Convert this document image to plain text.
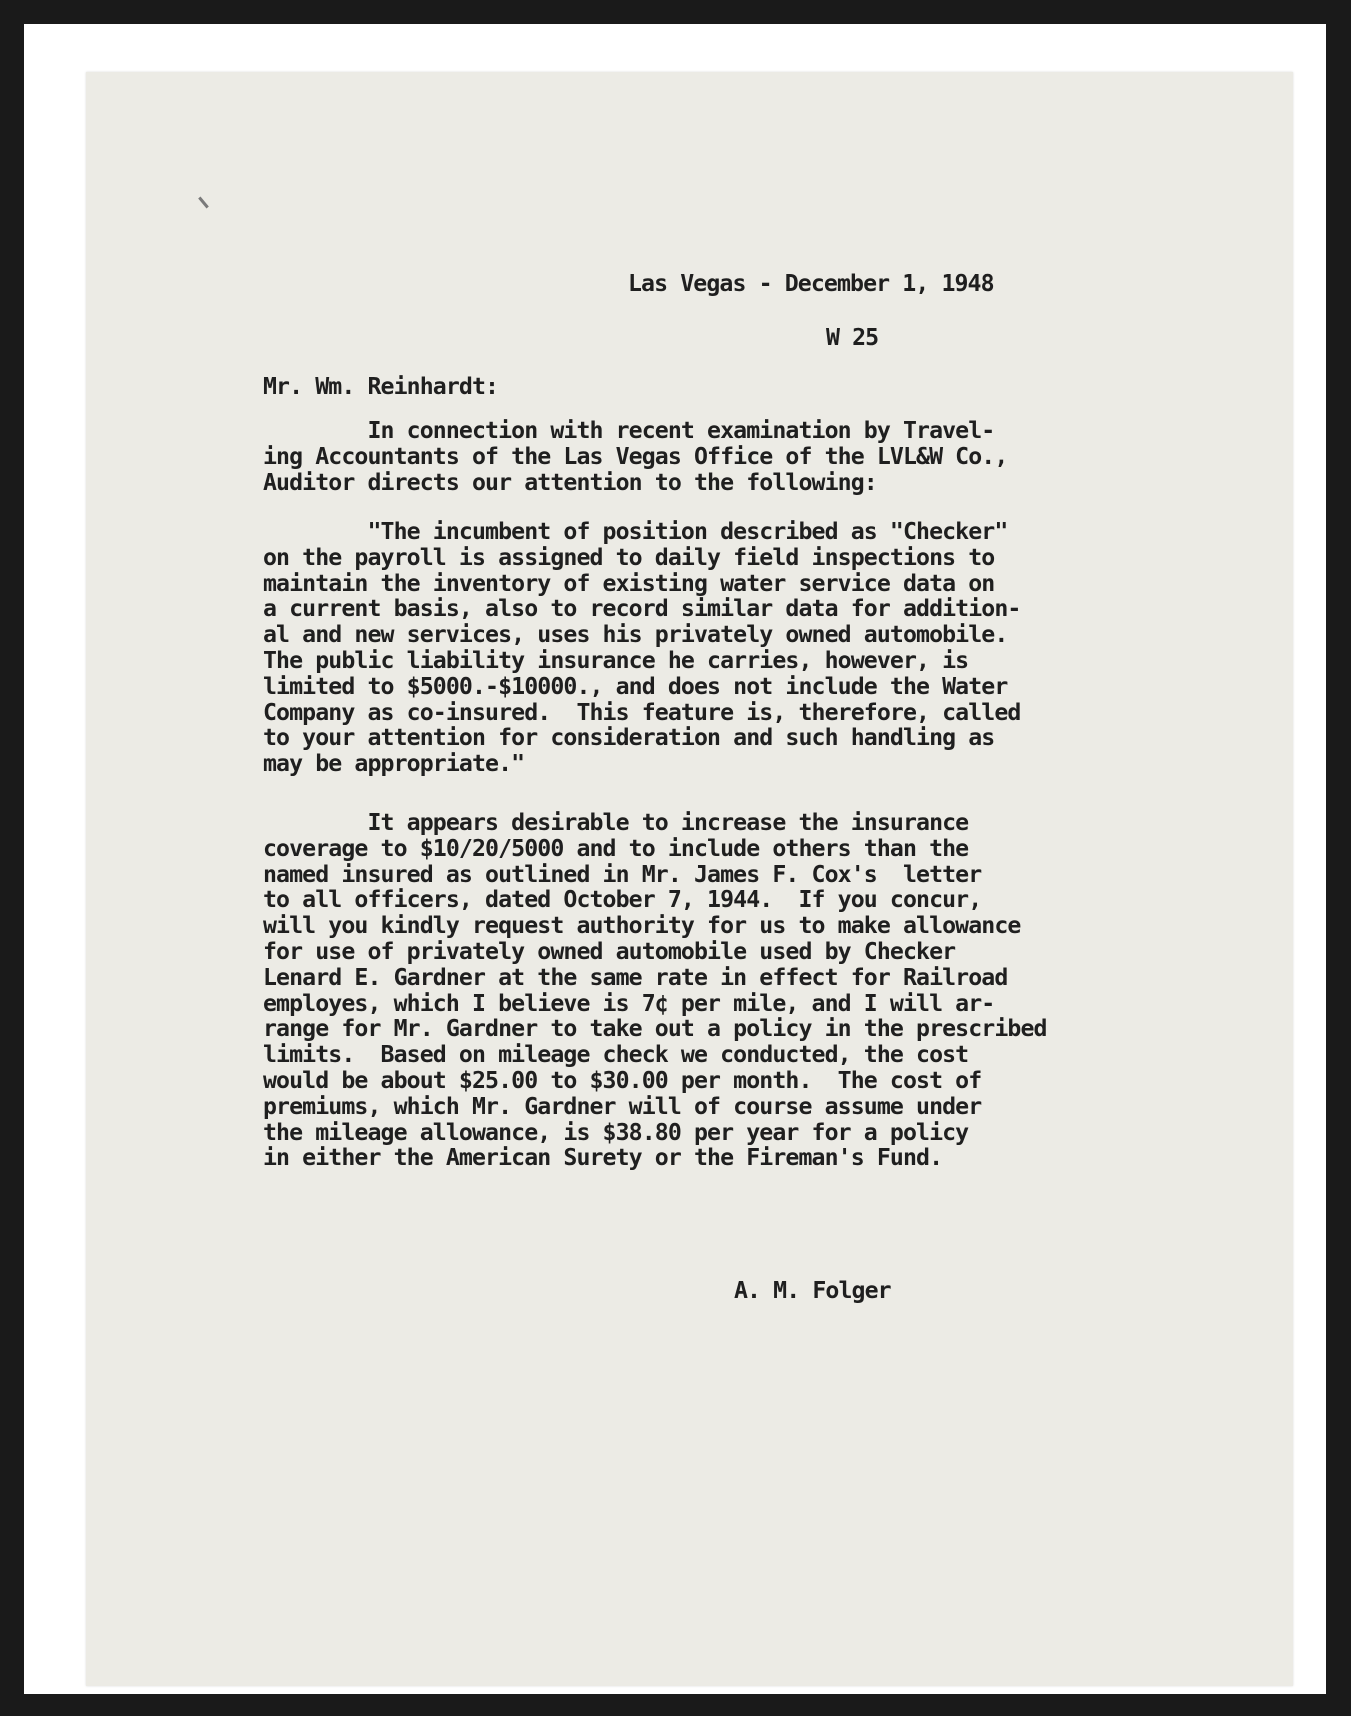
Las Vegas - December 1, 1948
W 25
Mr. Wm. Reinhardt:
In connection with recent examination by Travel-
ing Accountants of the Las Vegas Office of the LVL&W Co.,
Auditor directs our attention to the following:
"The incumbent of position described as "Checker"
on the payroll is assigned to daily field inspections to
maintain the inventory of existing water service data on
a current basis, also to record similar data for addition-
al and new services, uses his privately owned automobile.
The public liability insurance he carries, however, is
limited to $5000.-$10000., and does not include the Water
Company as co-insured.  This feature is, therefore, called
to your attention for consideration and such handling as
may be appropriate."
It appears desirable to increase the insurance
coverage to $10/20/5000 and to include others than the
named insured as outlined in Mr. James F. Cox's  letter
to all officers, dated October 7, 1944.  If you concur,
will you kindly request authority for us to make allowance
for use of privately owned automobile used by Checker
Lenard E. Gardner at the same rate in effect for Railroad
employes, which I believe is 7¢ per mile, and I will ar-
range for Mr. Gardner to take out a policy in the prescribed
limits.  Based on mileage check we conducted, the cost
would be about $25.00 to $30.00 per month.  The cost of
premiums, which Mr. Gardner will of course assume under
the mileage allowance, is $38.80 per year for a policy
in either the American Surety or the Fireman's Fund.
A. M. Folger
